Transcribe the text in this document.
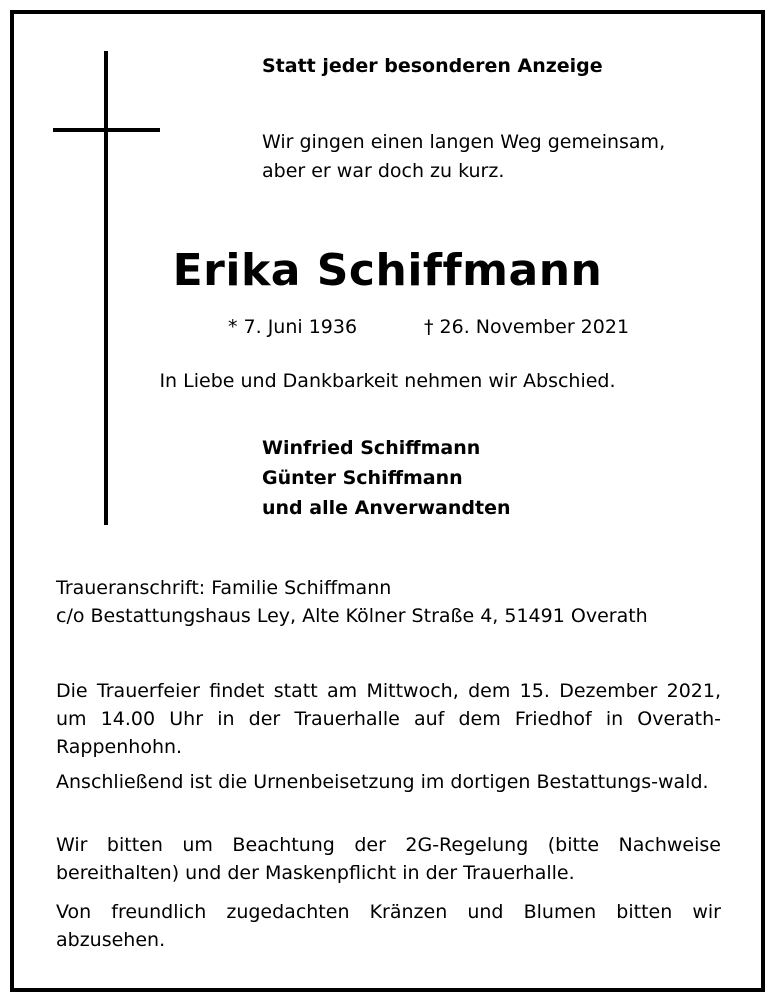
Statt jeder besonderen Anzeige
Wir gingen einen langen Weg gemeinsam,
aber er war doch zu kurz.
Erika Schiffmann
* 7. Juni 1936	† 26. November 2021
In Liebe und Dankbarkeit nehmen wir Abschied.
Winfried Schiffmann
Günter Schiffmann
und alle Anverwandten
Traueranschrift: Familie Schiffmann
c/o Bestattungshaus Ley, Alte Kölner Straße 4, 51491 Overath
Die Trauerfeier findet statt am Mittwoch, dem 15. Dezember 2021, um 14.00 Uhr in der Trauerhalle auf dem Friedhof in Overath-Rappenhohn.
Anschließend ist die Urnenbeisetzung im dortigen Bestattungs-wald.
Wir bitten um Beachtung der 2G-Regelung (bitte Nachweise bereithalten) und der Maskenpflicht in der Trauerhalle.
Von freundlich zugedachten Kränzen und Blumen bitten wir abzusehen.
